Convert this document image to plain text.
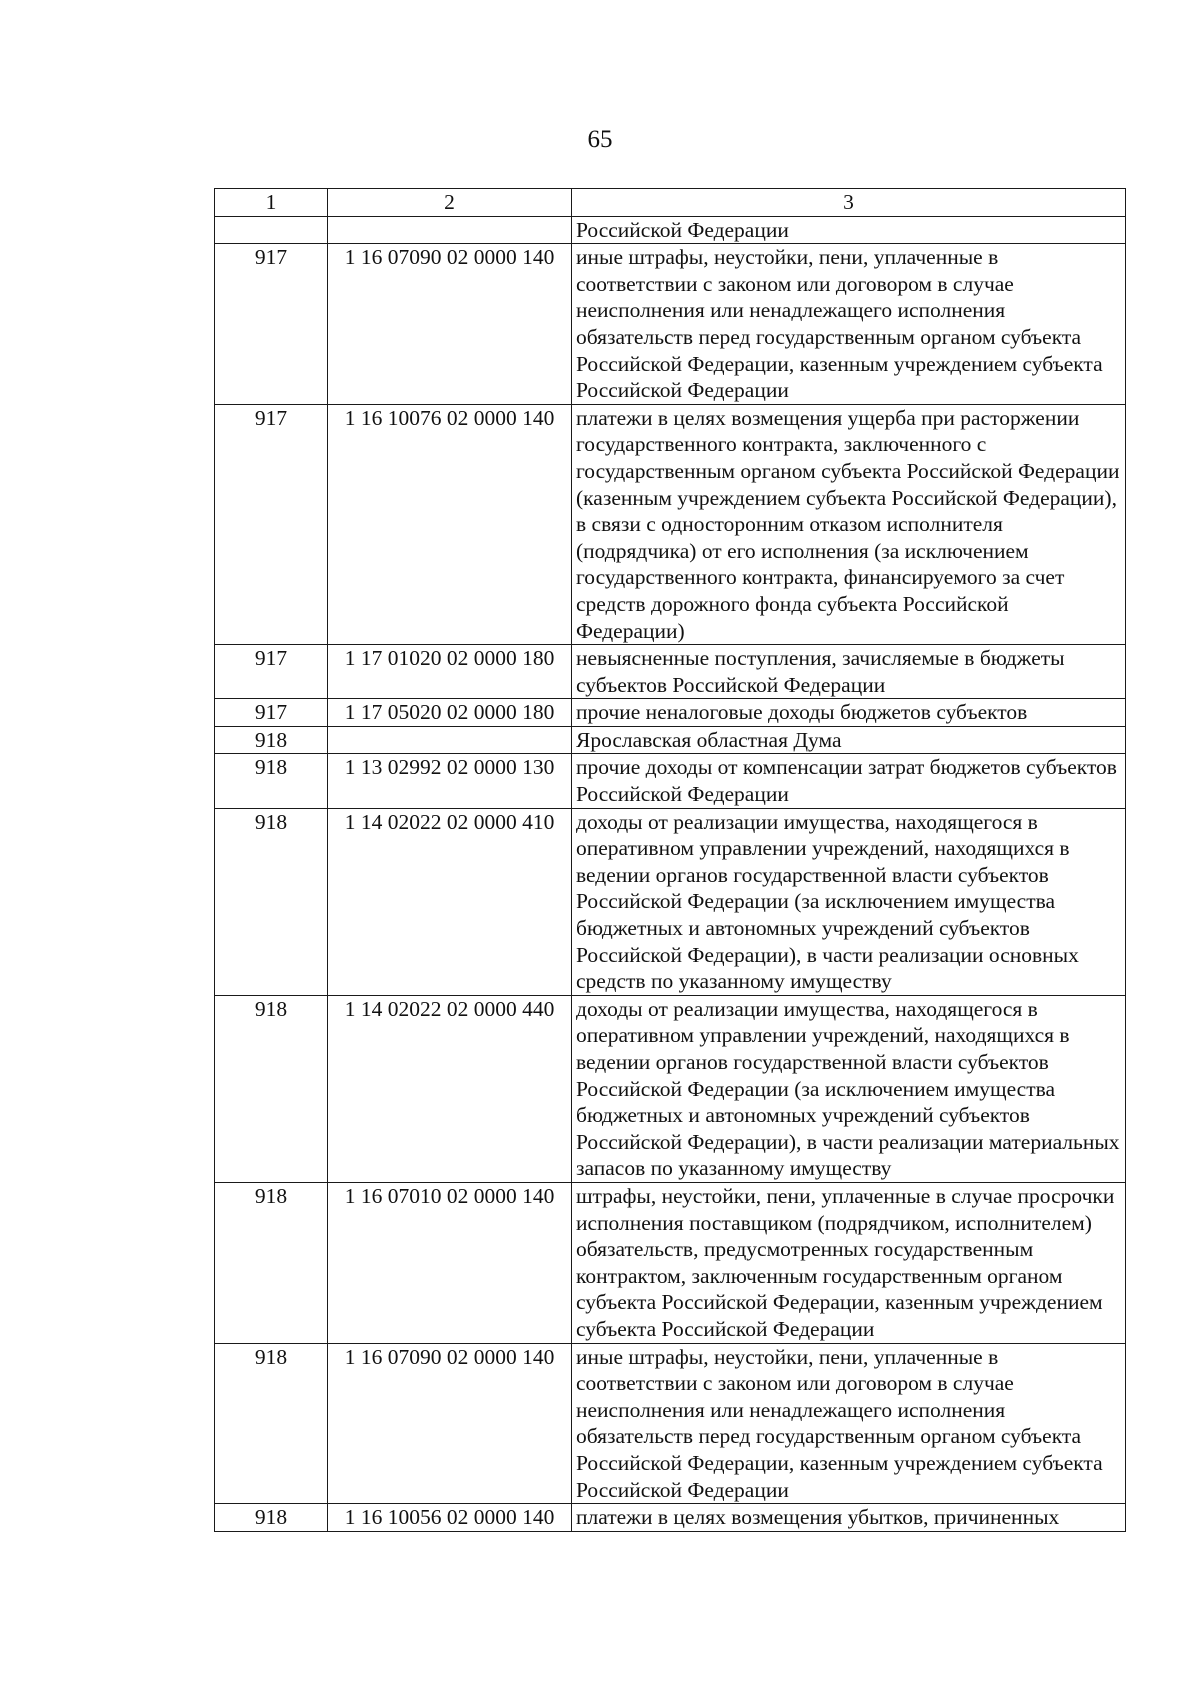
65
1	2	3
		Российской Федерации
917	1 16 07090 02 0000 140	иные штрафы, неустойки, пени, уплаченные в соответствии с законом или договором в случае неисполнения или ненадлежащего исполнения обязательств перед государственным органом субъекта Российской Федерации, казенным учреждением субъекта Российской Федерации
917	1 16 10076 02 0000 140	платежи в целях возмещения ущерба при расторжении государственного контракта, заключенного с государственным органом субъекта Российской Федерации (казенным учреждением субъекта Российской Федерации), в связи с односторонним отказом исполнителя (подрядчика) от его исполнения (за исключением государственного контракта, финансируемого за счет средств дорожного фонда субъекта Российской Федерации)
917	1 17 01020 02 0000 180	невыясненные поступления, зачисляемые в бюджеты субъектов Российской Федерации
917	1 17 05020 02 0000 180	прочие неналоговые доходы бюджетов субъектов
918		Ярославская областная Дума
918	1 13 02992 02 0000 130	прочие доходы от компенсации затрат бюджетов субъектов Российской Федерации
918	1 14 02022 02 0000 410	доходы от реализации имущества, находящегося в оперативном управлении учреждений, находящихся в ведении органов государственной власти субъектов Российской Федерации (за исключением имущества бюджетных и автономных учреждений субъектов Российской Федерации), в части реализации основных средств по указанному имуществу
918	1 14 02022 02 0000 440	доходы от реализации имущества, находящегося в оперативном управлении учреждений, находящихся в ведении органов государственной власти субъектов Российской Федерации (за исключением имущества бюджетных и автономных учреждений субъектов Российской Федерации), в части реализации материальных запасов по указанному имуществу
918	1 16 07010 02 0000 140	штрафы, неустойки, пени, уплаченные в случае просрочки исполнения поставщиком (подрядчиком, исполнителем) обязательств, предусмотренных государственным контрактом, заключенным государственным органом субъекта Российской Федерации, казенным учреждением субъекта Российской Федерации
918	1 16 07090 02 0000 140	иные штрафы, неустойки, пени, уплаченные в соответствии с законом или договором в случае неисполнения или ненадлежащего исполнения обязательств перед государственным органом субъекта Российской Федерации, казенным учреждением субъекта Российской Федерации
918	1 16 10056 02 0000 140	платежи в целях возмещения убытков, причиненных
